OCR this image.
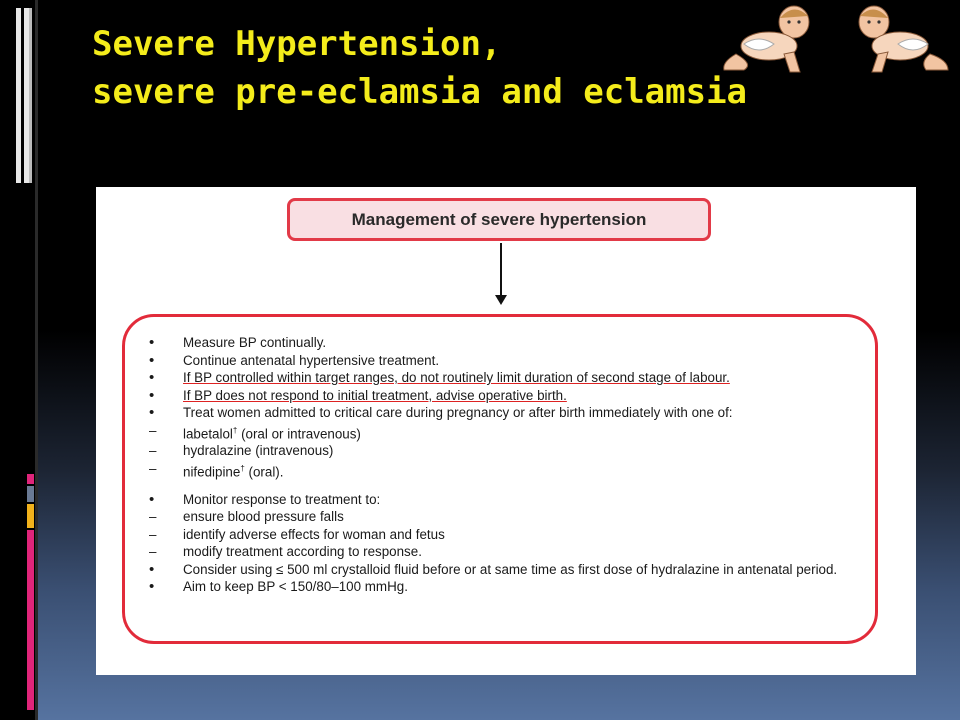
Severe Hypertension,
severe pre-eclamsia and eclamsia
Management of severe hypertension
• Measure BP continually.
• Continue antenatal hypertensive treatment.
• If BP controlled within target ranges, do not routinely limit duration of second stage of labour.
• If BP does not respond to initial treatment, advise operative birth.
• Treat women admitted to critical care during pregnancy or after birth immediately with one of:
– labetalol† (oral or intravenous)
– hydralazine (intravenous)
– nifedipine† (oral).
• Monitor response to treatment to:
– ensure blood pressure falls
– identify adverse effects for woman and fetus
– modify treatment according to response.
• Consider using ≤ 500 ml crystalloid fluid before or at same time as first dose of hydralazine in antenatal period.
• Aim to keep BP < 150/80–100 mmHg.
